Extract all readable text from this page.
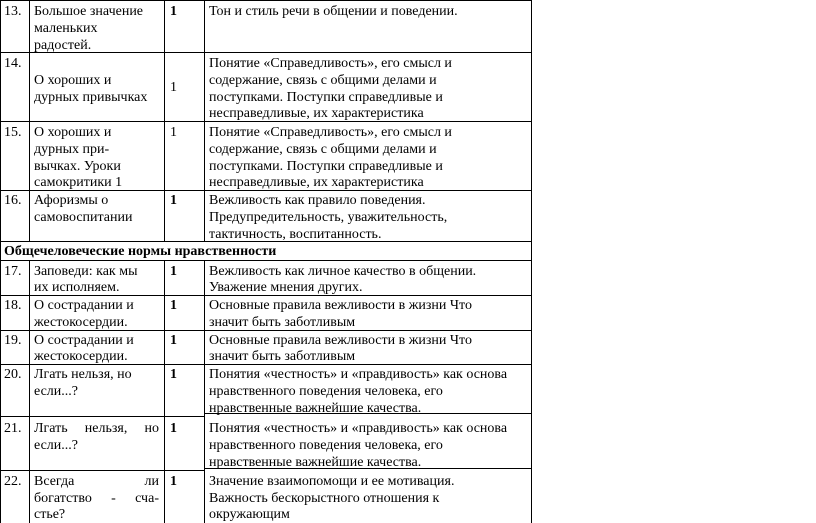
13. Большое значение
маленьких
радостей.
1 Тон и стиль речи в общении и поведении.
14.
О хороших и
дурных привычках
1
Понятие «Справедливость», его смысл и
содержание, связь с общими делами и
поступками. Поступки справедливые и
несправедливые, их характеристика
15. О хороших и
дурных при-
вычках. Уроки
самокритики 1
1 Понятие «Справедливость», его смысл и
содержание, связь с общими делами и
поступками. Поступки справедливые и
несправедливые, их характеристика
16. Афоризмы о
самовоспитании
1 Вежливость как правило поведения.
Предупредительность, уважительность,
тактичность, воспитанность.
Общечеловеческие нормы нравственности
17. Заповеди: как мы
их исполняем.
1 Вежливость как личное качество в общении.
Уважение мнения других.
18. О сострадании и
жестокосердии.
1 Основные правила вежливости в жизни Что
значит быть заботливым
19. О сострадании и
жестокосердии.
1 Основные правила вежливости в жизни Что
значит быть заботливым
20. Лгать нельзя, но
если...?
1 Понятия «честность» и «правдивость» как основа
нравственного поведения человека, его
нравственные важнейшие качества.
21. Лгать нельзя, но
если...?
1 Понятия «честность» и «правдивость» как основа
нравственного поведения человека, его
нравственные важнейшие качества.
22. Всегда	ли
богатство - сча-
стье?
1 Значение взаимопомощи и ее мотивация.
Важность бескорыстного отношения к
окружающим
